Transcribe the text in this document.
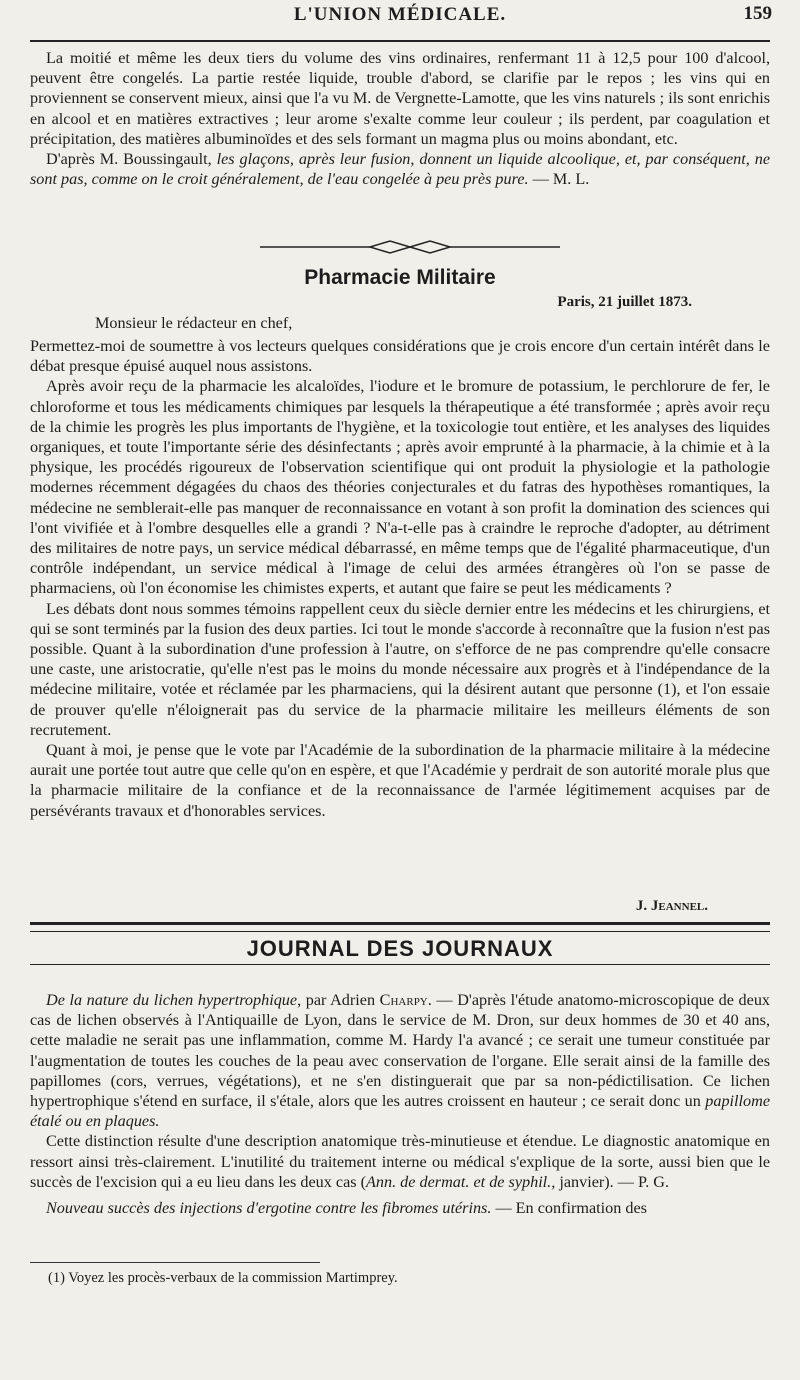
L'UNION MÉDICALE.	159

La moitié et même les deux tiers du volume des vins ordinaires, renfermant 11 à 12,5 pour 100 d'alcool, peuvent être congelés. La partie restée liquide, trouble d'abord, se clarifie par le repos ; les vins qui en proviennent se conservent mieux, ainsi que l'a vu M. de Vergnette-Lamotte, que les vins naturels ; ils sont enrichis en alcool et en matières extractives ; leur arome s'exalte comme leur couleur ; ils perdent, par coagulation et précipitation, des matières albuminoïdes et des sels formant un magma plus ou moins abondant, etc.

D'après M. Boussingault, les glaçons, après leur fusion, donnent un liquide alcoolique, et, par conséquent, ne sont pas, comme on le croit généralement, de l'eau congelée à peu près pure. — M. L.

Pharmacie Militaire
Paris, 21 juillet 1873.
Monsieur le rédacteur en chef,

Permettez-moi de soumettre à vos lecteurs quelques considérations que je crois encore d'un certain intérêt dans le débat presque épuisé auquel nous assistons.

Après avoir reçu de la pharmacie les alcaloïdes, l'iodure et le bromure de potassium, le perchlorure de fer, le chloroforme et tous les médicaments chimiques par lesquels la thérapeutique a été transformée ; après avoir reçu de la chimie les progrès les plus importants de l'hygiène, et la toxicologie tout entière, et les analyses des liquides organiques, et toute l'importante série des désinfectants ; après avoir emprunté à la pharmacie, à la chimie et à la physique, les procédés rigoureux de l'observation scientifique qui ont produit la physiologie et la pathologie modernes récemment dégagées du chaos des théories conjecturales et du fatras des hypothèses romantiques, la médecine ne semblerait-elle pas manquer de reconnaissance en votant à son profit la domination des sciences qui l'ont vivifiée et à l'ombre desquelles elle a grandi ? N'a-t-elle pas à craindre le reproche d'adopter, au détriment des militaires de notre pays, un service médical débarrassé, en même temps que de l'égalité pharmaceutique, d'un contrôle indépendant, un service médical à l'image de celui des armées étrangères où l'on se passe de pharmaciens, où l'on économise les chimistes experts, et autant que faire se peut les médicaments ?

Les débats dont nous sommes témoins rappellent ceux du siècle dernier entre les médecins et les chirurgiens, et qui se sont terminés par la fusion des deux parties. Ici tout le monde s'accorde à reconnaître que la fusion n'est pas possible. Quant à la subordination d'une profession à l'autre, on s'efforce de ne pas comprendre qu'elle consacre une caste, une aristocratie, qu'elle n'est pas le moins du monde nécessaire aux progrès et à l'indépendance de la médecine militaire, votée et réclamée par les pharmaciens, qui la désirent autant que personne (1), et l'on essaie de prouver qu'elle n'éloignerait pas du service de la pharmacie militaire les meilleurs éléments de son recrutement.

Quant à moi, je pense que le vote par l'Académie de la subordination de la pharmacie militaire à la médecine aurait une portée tout autre que celle qu'on en espère, et que l'Académie y perdrait de son autorité morale plus que la pharmacie militaire de la confiance et de la reconnaissance de l'armée légitimement acquises par de persévérants travaux et d'honorables services.

J. Jeannel.
JOURNAL DES JOURNAUX

De la nature du lichen hypertrophique, par Adrien Charpy. — D'après l'étude anatomo-microscopique de deux cas de lichen observés à l'Antiquaille de Lyon, dans le service de M. Dron, sur deux hommes de 30 et 40 ans, cette maladie ne serait pas une inflammation, comme M. Hardy l'a avancé ; ce serait une tumeur constituée par l'augmentation de toutes les couches de la peau avec conservation de l'organe. Elle serait ainsi de la famille des papillomes (cors, verrues, végétations), et ne s'en distinguerait que par sa non-pédictilisation. Ce lichen hypertrophique s'étend en surface, il s'étale, alors que les autres croissent en hauteur ; ce serait donc un papillome étalé ou en plaques.

Cette distinction résulte d'une description anatomique très-minutieuse et étendue. Le diagnostic anatomique en ressort ainsi très-clairement. L'inutilité du traitement interne ou médical s'explique de la sorte, aussi bien que le succès de l'excision qui a eu lieu dans les deux cas (Ann. de dermat. et de syphil., janvier). — P. G.

Nouveau succès des injections d'ergotine contre les fibromes utérins. — En confirmation des

(1) Voyez les procès-verbaux de la commission Martimprey.
